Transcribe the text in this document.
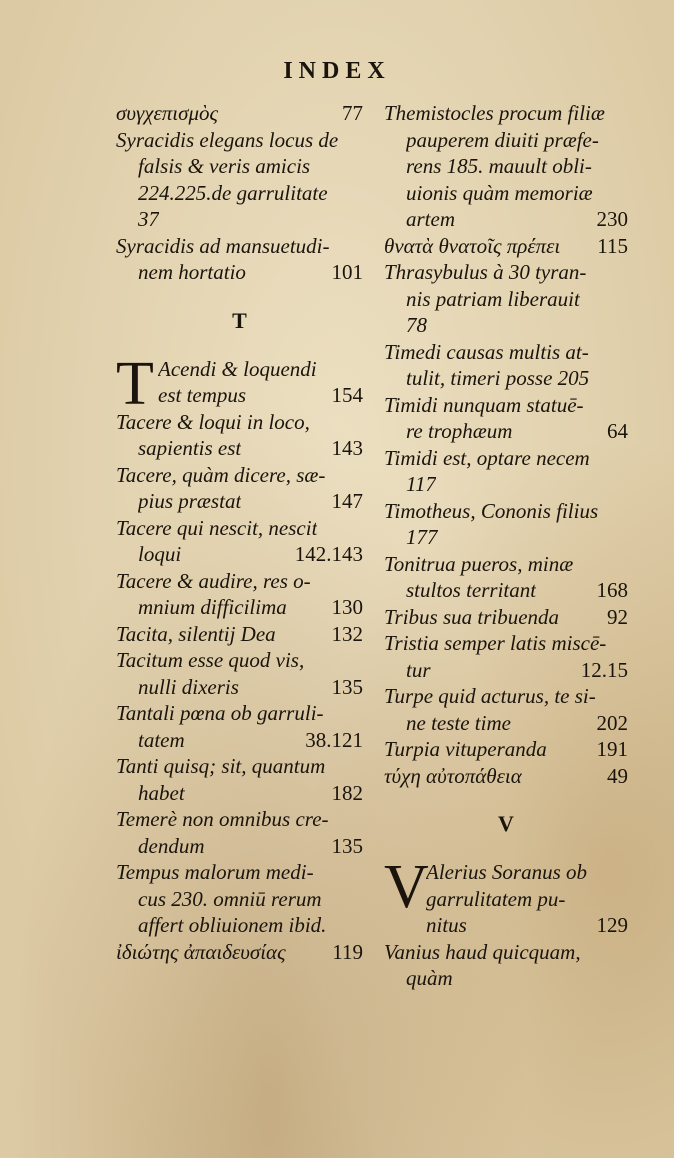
INDEX
συγχεπισμὸς	77
Syracidis elegans locus de
falsis & veris amicis
224.225.de garrulitate
37
Syracidis ad mansuetudi-
nem hortatio	101
T
T Acendi & loquendi
est tempus	154
Tacere & loqui in loco,
sapientis est	143
Tacere, quàm dicere, sæ-
pius præstat	147
Tacere qui nescit, nescit
loqui	142.143
Tacere & audire, res o-
mnium difficilima	130
Tacita, silentij Dea	132
Tacitum esse quod vis,
nulli dixeris	135
Tantali pœna ob garruli-
tatem	38.121
Tanti quisq; sit, quantum
habet	182
Temerè non omnibus cre-
dendum	135
Tempus malorum medi-
cus 230. omniū rerum
affert obliuionem ibid.
ἰδιώτης ἀπαιδευσίας	119
Themistocles procum filiæ
pauperem diuiti præfe-
rens 185. mauult obli-
uionis quàm memoriæ
artem	230
θνατὰ θνατοῖς πρέπει	115
Thrasybulus à 30 tyran-
nis patriam liberauit
78
Timedi causas multis at-
tulit, timeri posse 205
Timidi nunquam statuē-
re trophæum	64
Timidi est, optare necem
117
Timotheus, Cononis filius
177
Tonitrua pueros, minæ
stultos territant	168
Tribus sua tribuenda	92
Tristia semper latis miscē-
tur	12.15
Turpe quid acturus, te si-
ne teste time	202
Turpia vituperanda	191
τύχη αὐτοπάθεια	49
V
V
Alerius Soranus ob
garrulitatem pu-
nitus	129
Vanius haud quicquam,
quàm
